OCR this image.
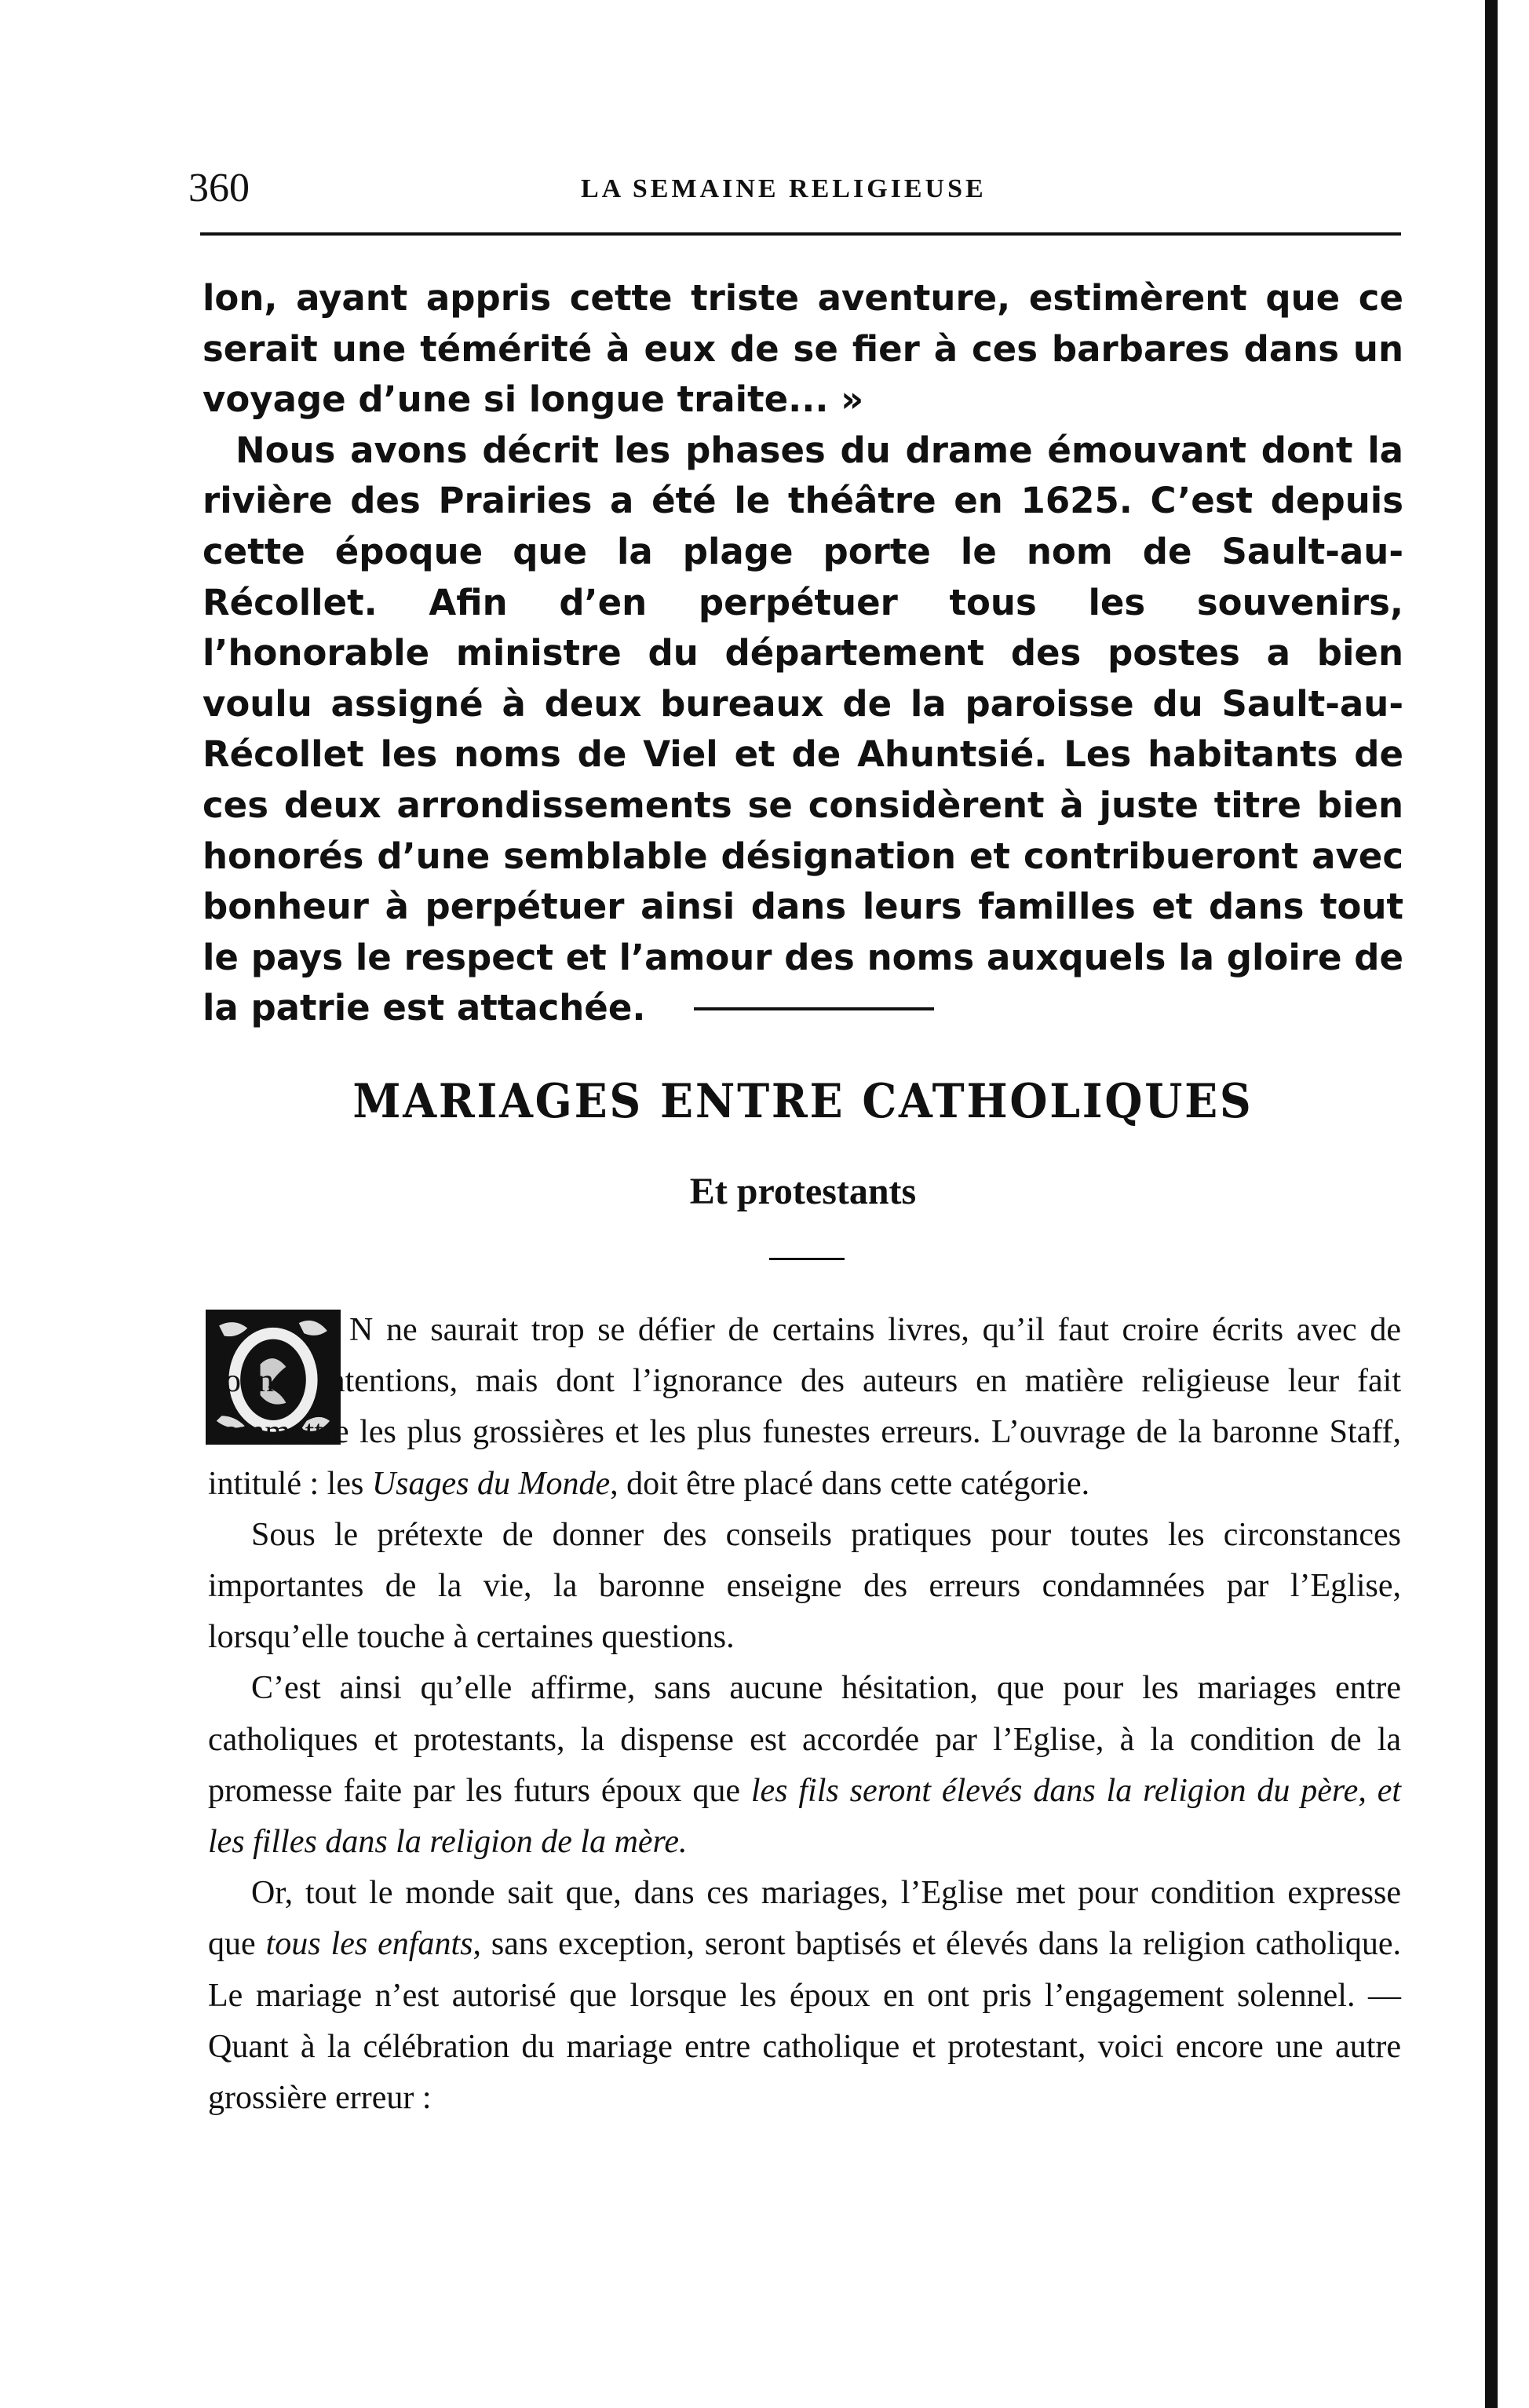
360	LA SEMAINE RELIGIEUSE

lon, ayant appris cette triste aventure, estimèrent que ce serait une témérité à eux de se fier à ces barbares dans un voyage d’une si longue traite... »

Nous avons décrit les phases du drame émouvant dont la rivière des Prairies a été le théâtre en 1625. C’est depuis cette époque que la plage porte le nom de Sault-au-Récollet. Afin d’en perpétuer tous les souvenirs, l’honorable ministre du département des postes a bien voulu assigné à deux bureaux de la paroisse du Sault-au-Récollet les noms de Viel et de Ahuntsié. Les habitants de ces deux arrondissements se considèrent à juste titre bien honorés d’une semblable désignation et contribueront avec bonheur à perpétuer ainsi dans leurs familles et dans tout le pays le respect et l’amour des noms auxquels la gloire de la patrie est attachée.

MARIAGES ENTRE CATHOLIQUES
Et protestants

N ne saurait trop se défier de certains livres, qu’il faut croire écrits avec de bonnes intentions, mais dont l’ignorance des auteurs en matière religieuse leur fait commettre les plus grossières et les plus funestes erreurs. L’ouvrage de la baronne Staff, intitulé : les Usages du Monde, doit être placé dans cette catégorie.

Sous le prétexte de donner des conseils pratiques pour toutes les circonstances importantes de la vie, la baronne enseigne des erreurs condamnées par l’Eglise, lorsqu’elle touche à certaines questions.

C’est ainsi qu’elle affirme, sans aucune hésitation, que pour les mariages entre catholiques et protestants, la dispense est accordée par l’Eglise, à la condition de la promesse faite par les futurs époux que les fils seront élevés dans la religion du père, et les filles dans la religion de la mère.

Or, tout le monde sait que, dans ces mariages, l’Eglise met pour condition expresse que tous les enfants, sans exception, seront baptisés et élevés dans la religion catholique. Le mariage n’est autorisé que lorsque les époux en ont pris l’engagement solennel. — Quant à la célébration du mariage entre catholique et protestant, voici encore une autre grossière erreur :
